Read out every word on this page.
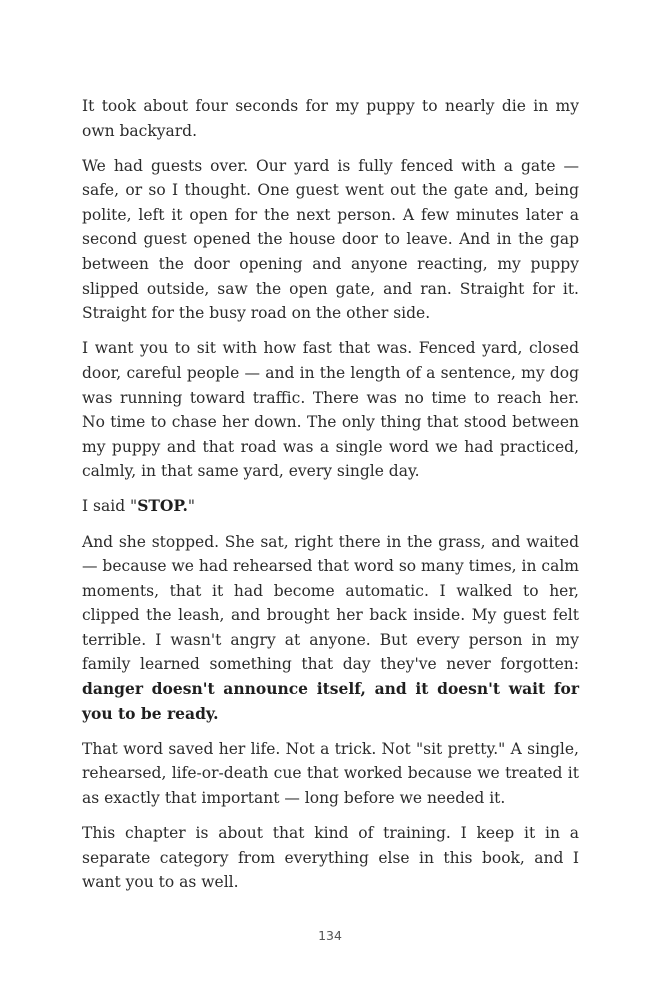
It took about four seconds for my puppy to nearly die in my own backyard.

We had guests over. Our yard is fully fenced with a gate — safe, or so I thought. One guest went out the gate and, being polite, left it open for the next person. A few minutes later a second guest opened the house door to leave. And in the gap between the door opening and anyone reacting, my puppy slipped outside, saw the open gate, and ran. Straight for it. Straight for the busy road on the other side.

I want you to sit with how fast that was. Fenced yard, closed door, careful people — and in the length of a sentence, my dog was running toward traffic. There was no time to reach her. No time to chase her down. The only thing that stood between my puppy and that road was a single word we had practiced, calmly, in that same yard, every single day.

I said "STOP."

And she stopped. She sat, right there in the grass, and waited — because we had rehearsed that word so many times, in calm moments, that it had become automatic. I walked to her, clipped the leash, and brought her back inside. My guest felt terrible. I wasn't angry at anyone. But every person in my family learned something that day they've never forgotten: danger doesn't announce itself, and it doesn't wait for you to be ready.

That word saved her life. Not a trick. Not "sit pretty." A single, rehearsed, life-or-death cue that worked because we treated it as exactly that important — long before we needed it.

This chapter is about that kind of training. I keep it in a separate category from everything else in this book, and I want you to as well.

134
